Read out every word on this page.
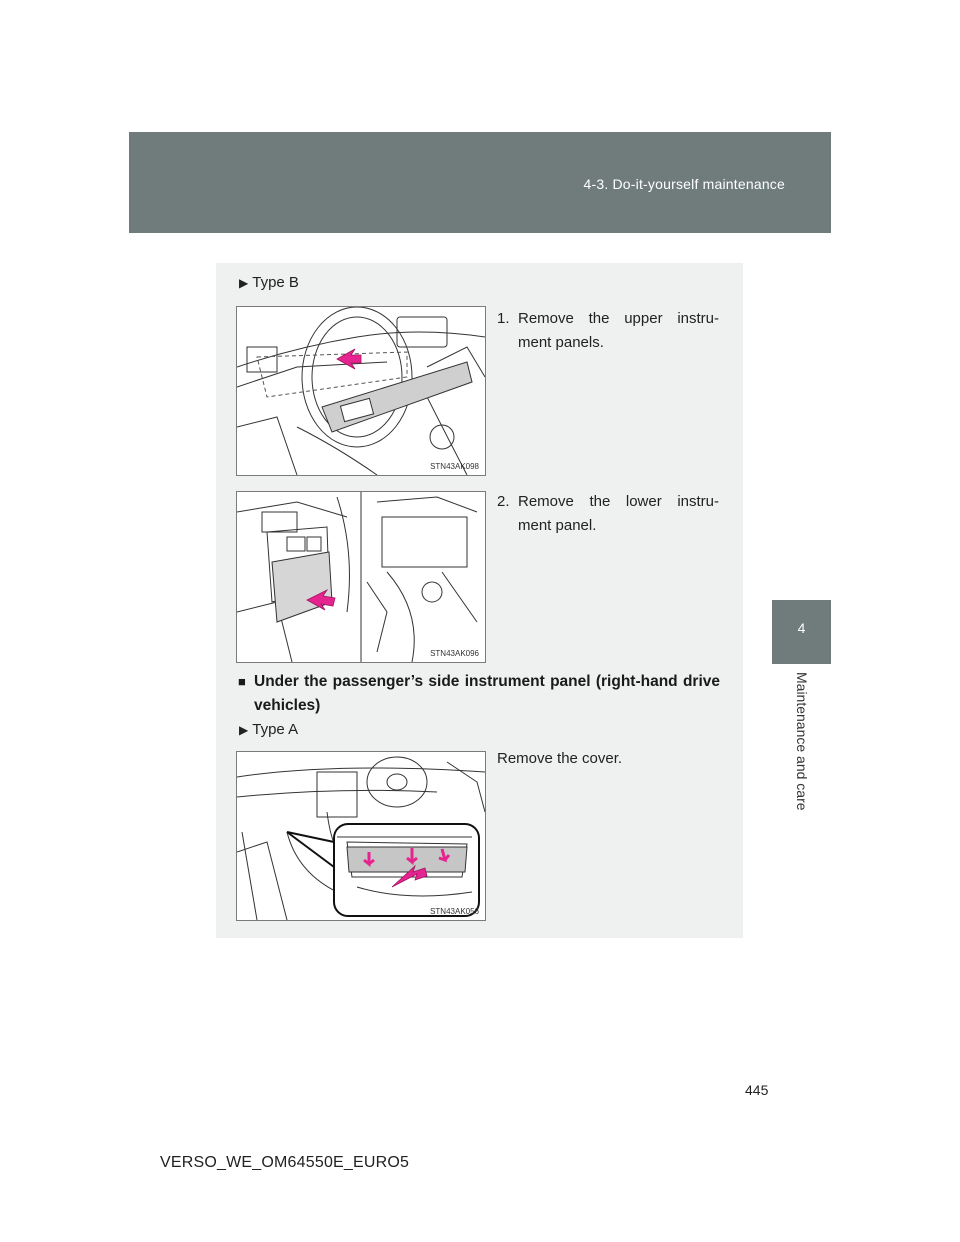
4-3. Do-it-yourself maintenance
4
Maintenance and care
▶ Type B
1. Remove the upper instru- ment panels.
STN43AK098
2. Remove the lower instru- ment panel.
STN43AK096
■ Under the passenger’s side instrument panel (right-hand drive vehicles)
▶ Type A
Remove the cover.
STN43AK056
445
VERSO_WE_OM64550E_EURO5
